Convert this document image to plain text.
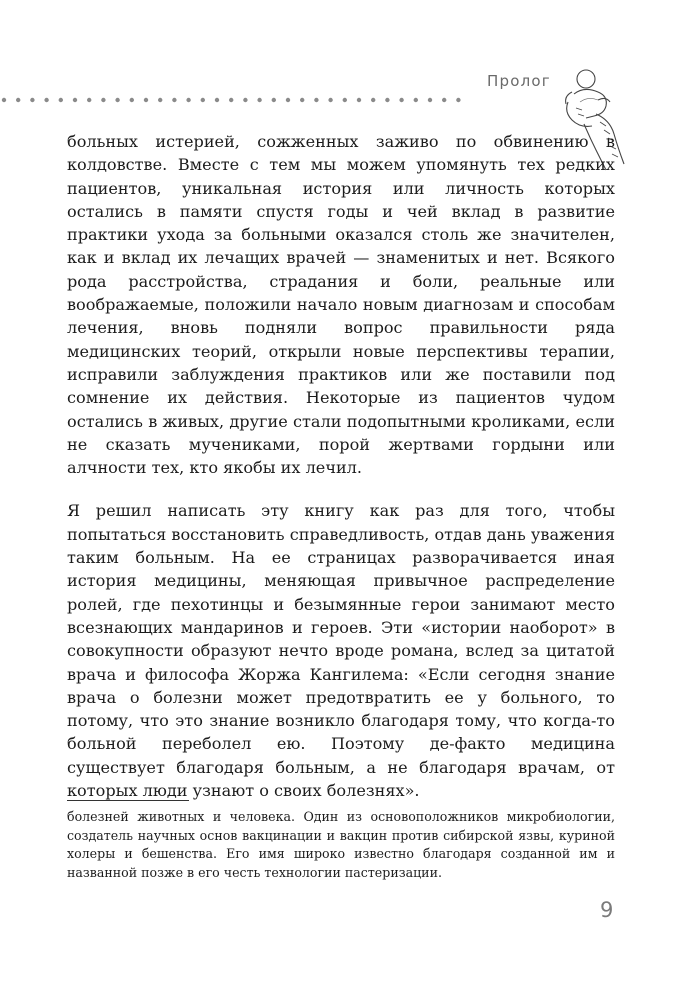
Пролог

больных истерией, сожженных заживо по обвинению в колдовстве. Вместе с тем мы можем упомянуть тех редких пациентов, уникальная история или личность которых остались в памяти спустя годы и чей вклад в развитие практики ухода за больными оказался столь же значителен, как и вклад их лечащих врачей — знаменитых и нет. Всякого рода расстройства, страдания и боли, реальные или воображаемые, положили начало новым диагнозам и способам лечения, вновь подняли вопрос правильности ряда медицинских теорий, открыли новые перспективы терапии, исправили заблуждения практиков или же поставили под сомнение их действия. Некоторые из пациентов чудом остались в живых, другие стали подопытными кроликами, если не сказать мучениками, порой жертвами гордыни или алчности тех, кто якобы их лечил.

Я решил написать эту книгу как раз для того, чтобы попытаться восстановить справедливость, отдав дань уважения таким больным. На ее страницах разворачивается иная история медицины, меняющая привычное распределение ролей, где пехотинцы и безымянные герои занимают место всезнающих мандаринов и героев. Эти «истории наоборот» в совокупности образуют нечто вроде романа, вслед за цитатой врача и философа Жоржа Кангилема: «Если сегодня знание врача о болезни может предотвратить ее у больного, то потому, что это знание возникло благодаря тому, что когда-то больной переболел ею. Поэтому де-факто медицина существует благодаря больным, а не благодаря врачам, от которых люди узнают о своих болезнях».

болезней животных и человека. Один из основоположников микробиологии, создатель научных основ вакцинации и вакцин против сибирской язвы, куриной холеры и бешенства. Его имя широко известно благодаря созданной им и названной позже в его честь технологии пастеризации.

9
